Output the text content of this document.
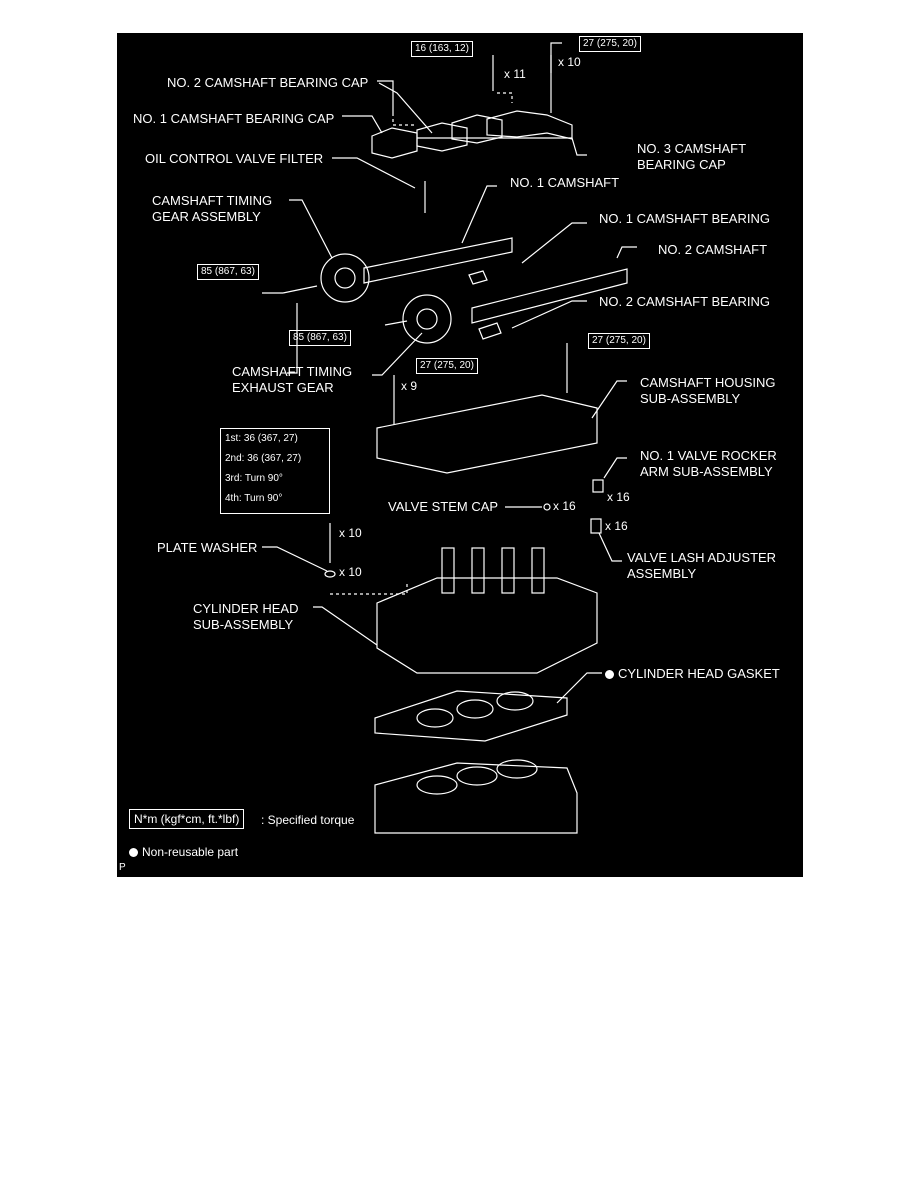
NO. 2 CAMSHAFT BEARING CAP
NO. 1 CAMSHAFT BEARING CAP
OIL CONTROL VALVE FILTER
NO. 3 CAMSHAFT
BEARING CAP
CAMSHAFT TIMING
GEAR ASSEMBLY
NO. 1 CAMSHAFT
NO. 1 CAMSHAFT BEARING
NO. 2 CAMSHAFT
NO. 2 CAMSHAFT BEARING
CAMSHAFT TIMING
EXHAUST GEAR	CAMSHAFT HOUSING
SUB-ASSEMBLY
NO. 1 VALVE ROCKER
ARM SUB-ASSEMBLY
VALVE STEM CAP
PLATE WASHER
VALVE LASH ADJUSTER
ASSEMBLY
CYLINDER HEAD
SUB-ASSEMBLY
CYLINDER HEAD GASKET
16 (163, 12)	27 (275, 20)
85 (867, 63)
85 (867, 63)
27 (275, 20)
27 (275, 20)
x 11
x 10
x 9
x 16
x 16
x 16
x 10
x 10
1st: 36 (367, 27)
2nd: 36 (367, 27)
3rd: Turn 90°
4th: Turn 90°
N*m (kgf*cm, ft.*lbf)	: Specified torque
Non-reusable part
P
